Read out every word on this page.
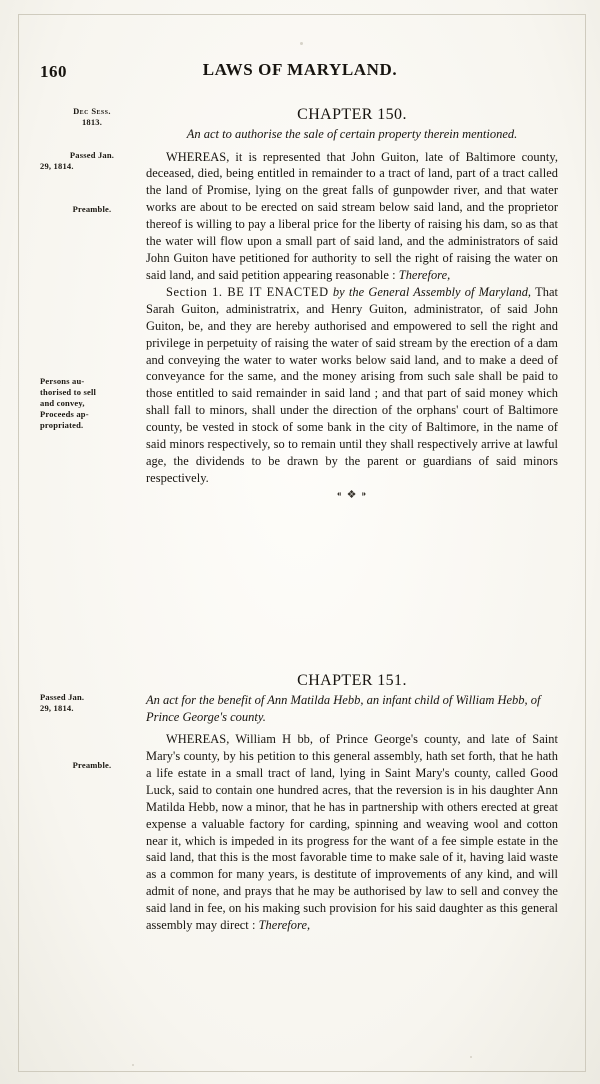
160	LAWS OF MARYLAND.
Dec Sess.
1813.
Passed Jan.
29, 1814.
Preamble.
Persons au-
thorised to sell
and convey,
Proceeds ap-
propriated.
Passed Jan.
29, 1814.
Preamble.
CHAPTER 150.
An act to authorise the sale of certain property therein mentioned.

WHEREAS, it is represented that John Guiton, late of Baltimore county, deceased, died, being entitled in remainder to a tract of land, part of a tract called the land of Promise, lying on the great falls of gunpowder river, and that water works are about to be erected on said stream below said land, and the proprietor thereof is willing to pay a liberal price for the liberty of raising his dam, so as that the water will flow upon a small part of said land, and the administrators of said John Guiton have petitioned for authority to sell the right of raising the water on said land, and said petition appearing reasonable : Therefore,

Section 1. BE IT ENACTED by the General Assembly of Maryland, That Sarah Guiton, administratrix, and Henry Guiton, administrator, of said John Guiton, be, and they are hereby authorised and empowered to sell the right and privilege in perpetuity of raising the water of said stream by the erection of a dam and conveying the water to water works below said land, and to make a deed of conveyance for the same, and the money arising from such sale shall be paid to those entitled to said remainder in said land ; and that part of said money which shall fall to minors, shall under the direction of the orphans' court of Baltimore county, be vested in stock of some bank in the city of Baltimore, in the name of said minors respectively, so to remain until they shall respectively arrive at lawful age, the dividends to be drawn by the parent or guardians of said minors respectively.

⁌ ❖ ⁍
CHAPTER 151.
An act for the benefit of Ann Matilda Hebb, an infant child of William Hebb, of Prince George's county.

WHEREAS, William H bb, of Prince George's county, and late of Saint Mary's county, by his petition to this general assembly, hath set forth, that he hath a life estate in a small tract of land, lying in Saint Mary's county, called Good Luck, said to contain one hundred acres, that the reversion is in his daughter Ann Matilda Hebb, now a minor, that he has in partnership with others erected at great expense a valuable factory for carding, spinning and weaving wool and cotton near it, which is impeded in its progress for the want of a fee simple estate in the said land, that this is the most favorable time to make sale of it, having laid waste as a common for many years, is destitute of improvements of any kind, and will admit of none, and prays that he may be authorised by law to sell and convey the said land in fee, on his making such provision for his said daughter as this general assembly may direct : Therefore,
